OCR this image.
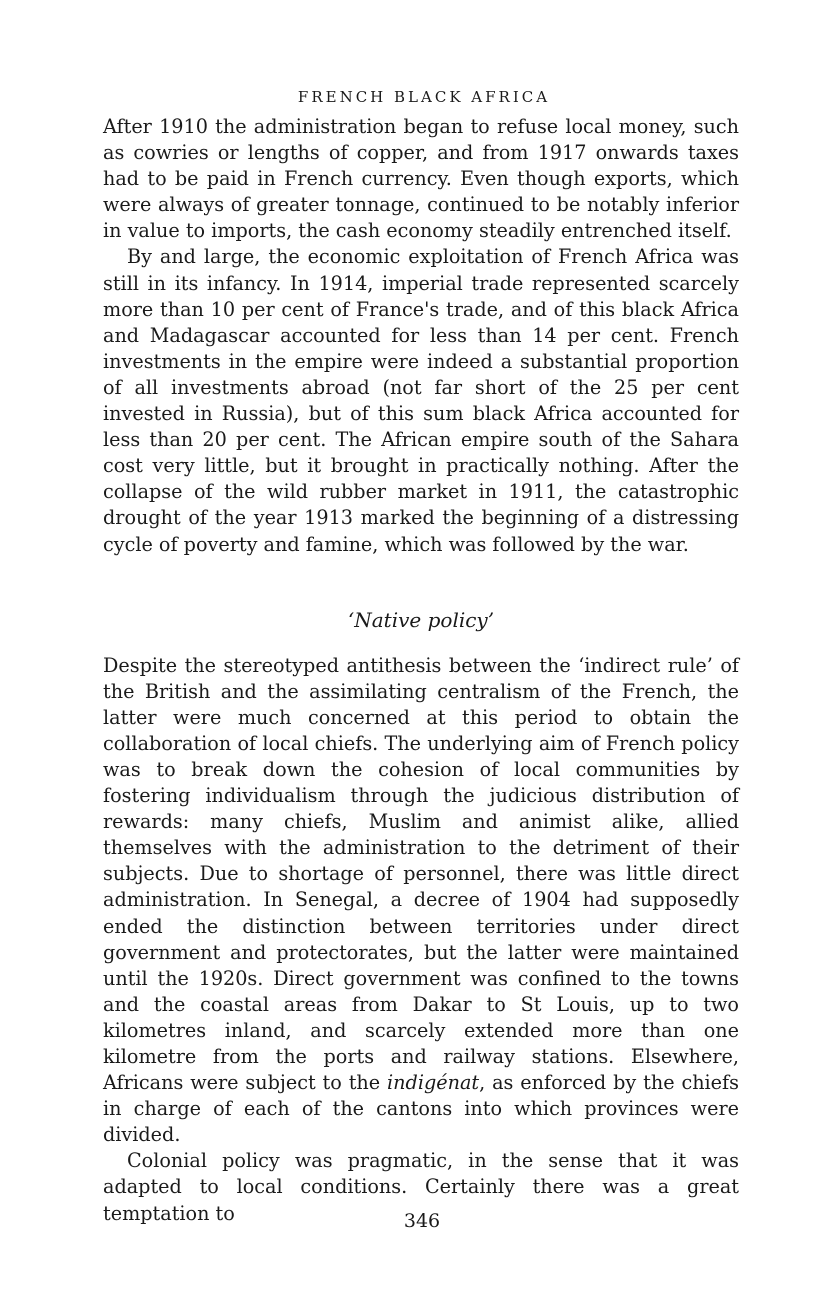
FRENCH BLACK AFRICA

After 1910 the administration began to refuse local money, such as cowries or lengths of copper, and from 1917 onwards taxes had to be paid in French currency. Even though exports, which were always of greater tonnage, continued to be notably inferior in value to imports, the cash economy steadily entrenched itself.

By and large, the economic exploitation of French Africa was still in its infancy. In 1914, imperial trade represented scarcely more than 10 per cent of France's trade, and of this black Africa and Madagascar accounted for less than 14 per cent. French investments in the empire were indeed a substantial proportion of all investments abroad (not far short of the 25 per cent invested in Russia), but of this sum black Africa accounted for less than 20 per cent. The African empire south of the Sahara cost very little, but it brought in practically nothing. After the collapse of the wild rubber market in 1911, the catastrophic drought of the year 1913 marked the beginning of a distressing cycle of poverty and famine, which was followed by the war.

‘Native policy’

Despite the stereotyped antithesis between the ‘indirect rule’ of the British and the assimilating centralism of the French, the latter were much concerned at this period to obtain the collaboration of local chiefs. The underlying aim of French policy was to break down the cohesion of local communities by fostering individualism through the judicious distribution of rewards: many chiefs, Muslim and animist alike, allied themselves with the administration to the detriment of their subjects. Due to shortage of personnel, there was little direct administration. In Senegal, a decree of 1904 had supposedly ended the distinction between territories under direct government and protectorates, but the latter were maintained until the 1920s. Direct government was confined to the towns and the coastal areas from Dakar to St Louis, up to two kilometres inland, and scarcely extended more than one kilometre from the ports and railway stations. Elsewhere, Africans were subject to the indigénat, as enforced by the chiefs in charge of each of the cantons into which provinces were divided.

Colonial policy was pragmatic, in the sense that it was adapted to local conditions. Certainly there was a great temptation to	346
